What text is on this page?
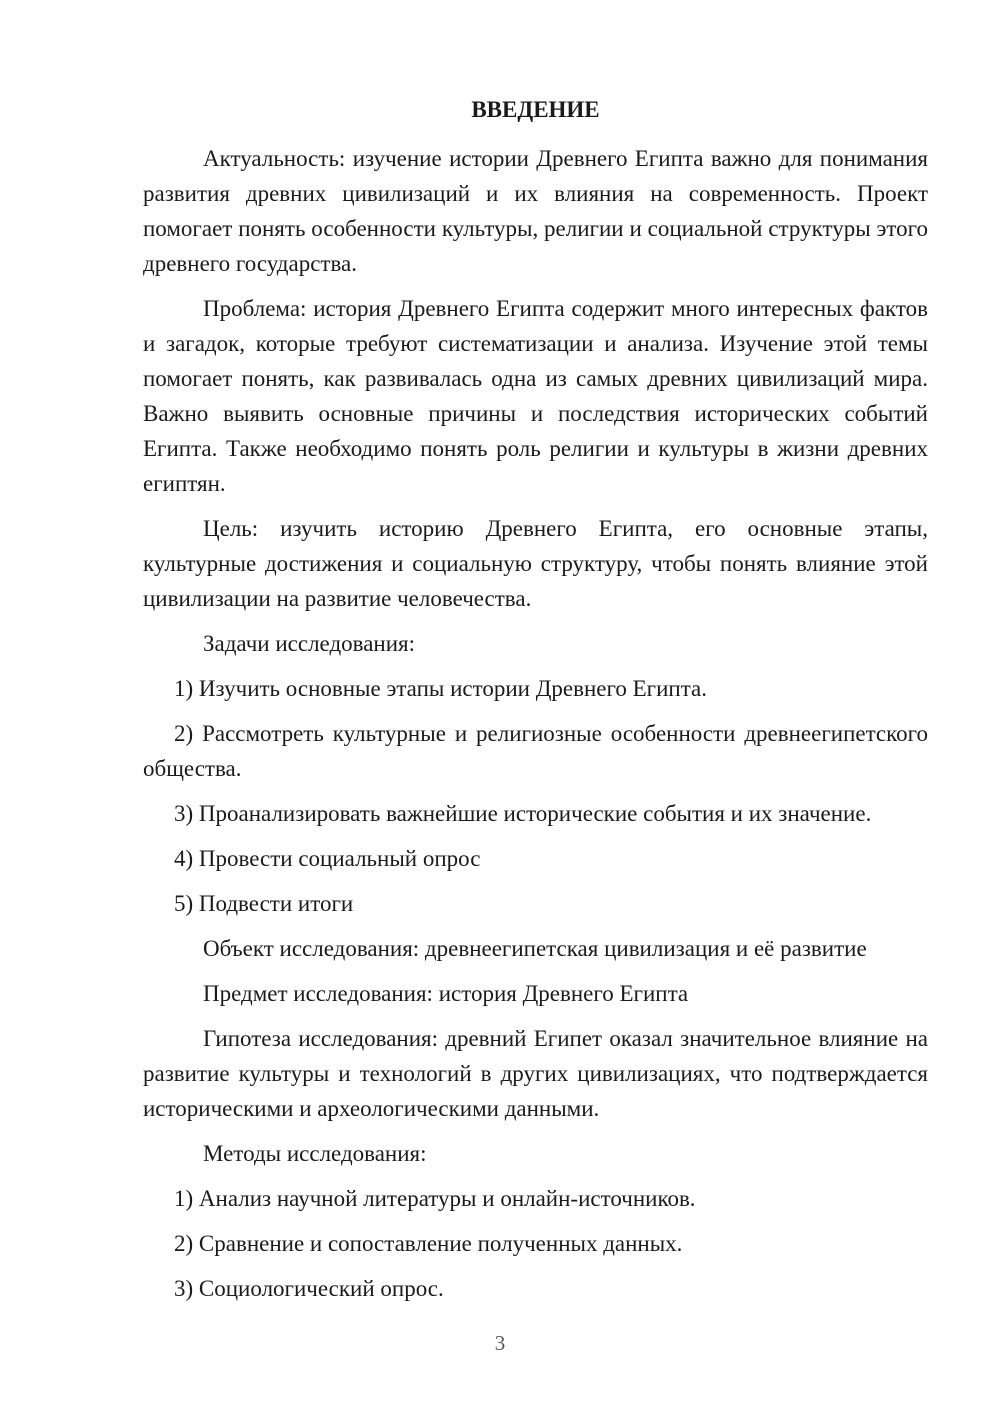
ВВЕДЕНИЕ
Актуальность: изучение истории Древнего Египта важно для понимания развития древних цивилизаций и их влияния на современность. Проект помогает понять особенности культуры, религии и социальной структуры этого древнего государства.
Проблема: история Древнего Египта содержит много интересных фактов и загадок, которые требуют систематизации и анализа. Изучение этой темы помогает понять, как развивалась одна из самых древних цивилизаций мира. Важно выявить основные причины и последствия исторических событий Египта. Также необходимо понять роль религии и культуры в жизни древних египтян.
Цель: изучить историю Древнего Египта, его основные этапы, культурные достижения и социальную структуру, чтобы понять влияние этой цивилизации на развитие человечества.
Задачи исследования:
1) Изучить основные этапы истории Древнего Египта.
2) Рассмотреть культурные и религиозные особенности древнеегипетского общества.
3) Проанализировать важнейшие исторические события и их значение.
4) Провести социальный опрос
5) Подвести итоги
Объект исследования: древнеегипетская цивилизация и её развитие
Предмет исследования: история Древнего Египта
Гипотеза исследования: древний Египет оказал значительное влияние на развитие культуры и технологий в других цивилизациях, что подтверждается историческими и археологическими данными.
Методы исследования:
1) Анализ научной литературы и онлайн-источников.
2) Сравнение и сопоставление полученных данных.
3) Социологический опрос.
3
